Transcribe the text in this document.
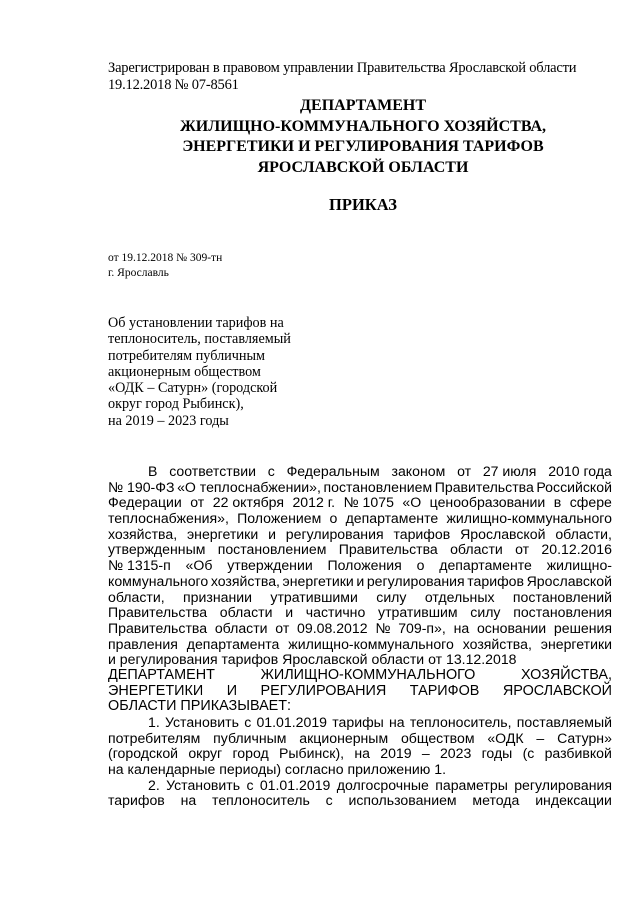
Зарегистрирован в правовом управлении Правительства Ярославской области
19.12.2018 № 07-8561
ДЕПАРТАМЕНТ
ЖИЛИЩНО-КОММУНАЛЬНОГО ХОЗЯЙСТВА,
ЭНЕРГЕТИКИ И РЕГУЛИРОВАНИЯ ТАРИФОВ
ЯРОСЛАВСКОЙ ОБЛАСТИ
ПРИКАЗ
от 19.12.2018 № 309-тн
г. Ярославль
Об установлении тарифов на
теплоноситель, поставляемый
потребителям публичным
акционерным обществом
«ОДК – Сатурн» (городской
округ город Рыбинск),
на 2019 – 2023 годы
В соответствии с Федеральным законом от 27 июля 2010 года
№ 190-ФЗ «О теплоснабжении», постановлением Правительства Российской
Федерации от 22 октября 2012 г. № 1075 «О ценообразовании в сфере
теплоснабжения», Положением о департаменте жилищно-коммунального
хозяйства, энергетики и регулирования тарифов Ярославской области,
утвержденным постановлением Правительства области от 20.12.2016
№ 1315-п «Об утверждении Положения о департаменте жилищно-
коммунального хозяйства, энергетики и регулирования тарифов Ярославской
области, признании утратившими силу отдельных постановлений
Правительства области и частично утратившим силу постановления
Правительства области от 09.08.2012 № 709-п», на основании решения
правления департамента жилищно-коммунального хозяйства, энергетики
и регулирования тарифов Ярославской области от 13.12.2018
ДЕПАРТАМЕНТ	ЖИЛИЩНО-КОММУНАЛЬНОГО	ХОЗЯЙСТВА,
ЭНЕРГЕТИКИ И РЕГУЛИРОВАНИЯ ТАРИФОВ ЯРОСЛАВСКОЙ
ОБЛАСТИ ПРИКАЗЫВАЕТ:
1. Установить с 01.01.2019 тарифы на теплоноситель, поставляемый
потребителям публичным акционерным обществом «ОДК – Сатурн»
(городской округ город Рыбинск), на 2019 – 2023 годы (с разбивкой
на календарные периоды) согласно приложению 1.
2. Установить с 01.01.2019 долгосрочные параметры регулирования
тарифов на теплоноситель с использованием метода индексации
